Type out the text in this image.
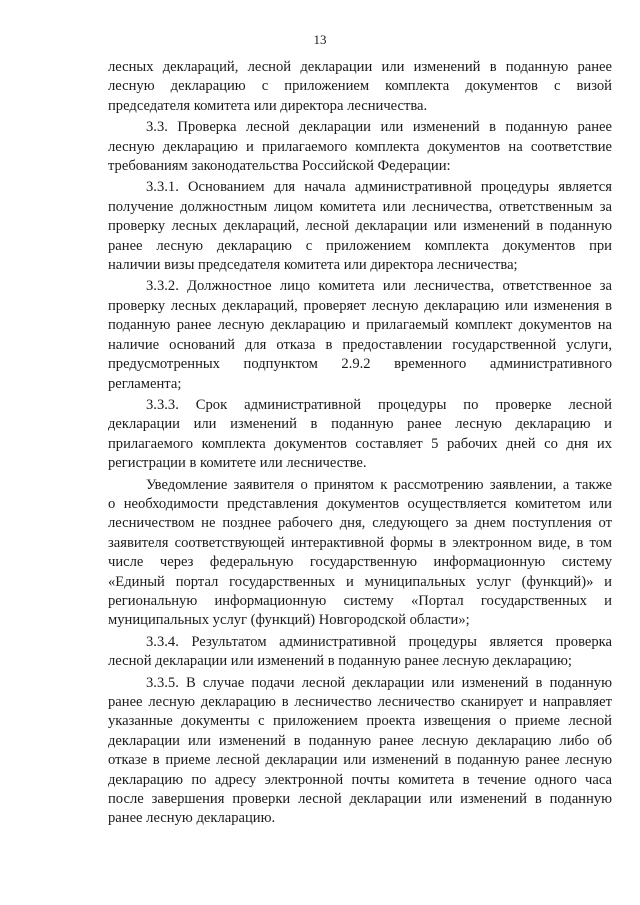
13
лесных деклараций, лесной декларации или изменений в поданную ранее
лесную декларацию с приложением комплекта документов с визой
председателя комитета или директора лесничества.
3.3. Проверка лесной декларации или изменений в поданную ранее
лесную декларацию и прилагаемого комплекта документов на соответствие
требованиям законодательства Российской Федерации:
3.3.1. Основанием для начала административной процедуры является
получение должностным лицом комитета или лесничества, ответственным за
проверку лесных деклараций, лесной декларации или изменений в поданную
ранее лесную декларацию с приложением комплекта документов при
наличии визы председателя комитета или директора лесничества;
3.3.2. Должностное лицо комитета или лесничества, ответственное за
проверку лесных деклараций, проверяет лесную декларацию или изменения в
поданную ранее лесную декларацию и прилагаемый комплект документов на
наличие оснований для отказа в предоставлении государственной услуги,
предусмотренных подпунктом 2.9.2 временного административного
регламента;
3.3.3. Срок административной процедуры по проверке лесной
декларации или изменений в поданную ранее лесную декларацию и
прилагаемого комплекта документов составляет 5 рабочих дней со дня их
регистрации в комитете или лесничестве.
Уведомление заявителя о принятом к рассмотрению заявлении, а также
о необходимости представления документов осуществляется комитетом или
лесничеством не позднее рабочего дня, следующего за днем поступления от
заявителя соответствующей интерактивной формы в электронном виде, в том
числе через федеральную государственную информационную систему
«Единый портал государственных и муниципальных услуг (функций)» и
региональную информационную систему «Портал государственных и
муниципальных услуг (функций) Новгородской области»;
3.3.4. Результатом административной процедуры является проверка
лесной декларации или изменений в поданную ранее лесную декларацию;
3.3.5. В случае подачи лесной декларации или изменений в поданную
ранее лесную декларацию в лесничество лесничество сканирует и направляет
указанные документы с приложением проекта извещения о приеме лесной
декларации или изменений в поданную ранее лесную декларацию либо об
отказе в приеме лесной декларации или изменений в поданную ранее лесную
декларацию по адресу электронной почты комитета в течение одного часа
после завершения проверки лесной декларации или изменений в поданную
ранее лесную декларацию.
